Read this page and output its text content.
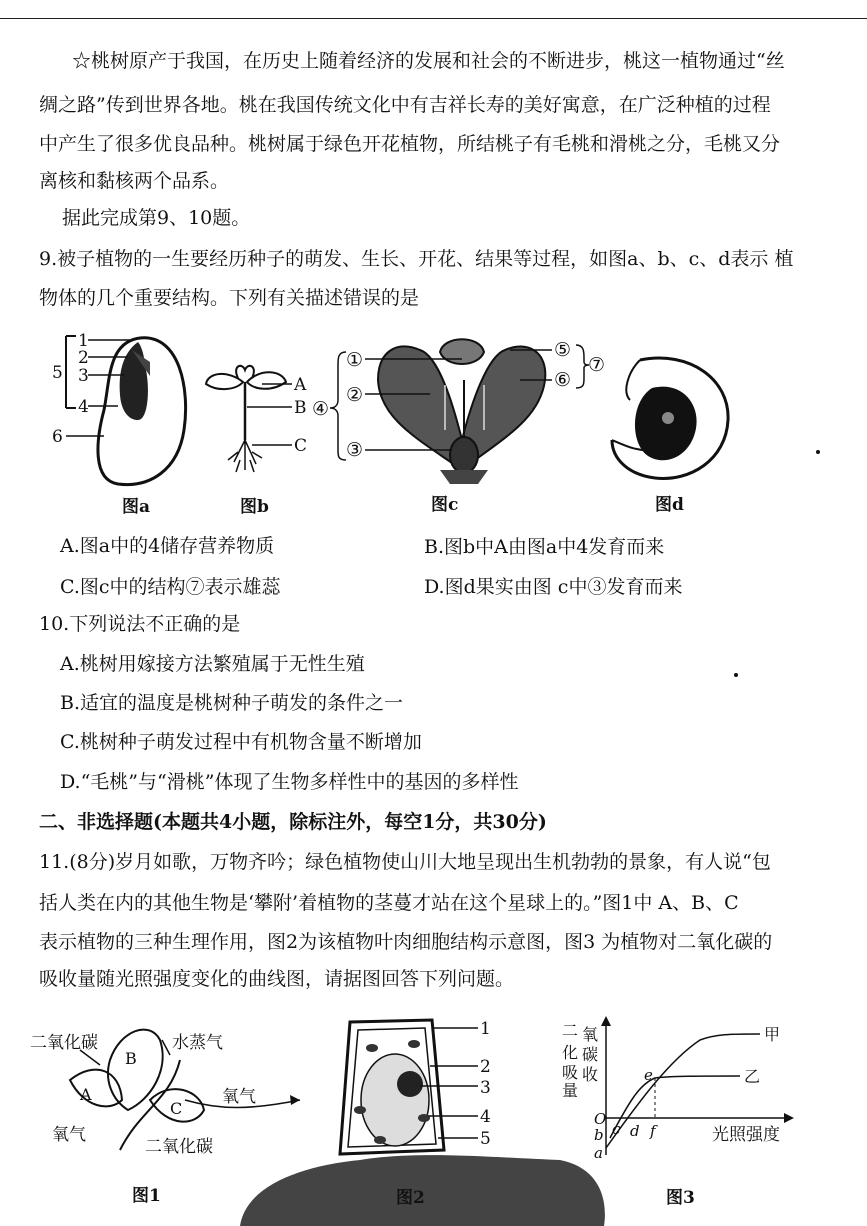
☆桃树原产于我国，在历史上随着经济的发展和社会的不断进步，桃这一植物通过“丝
绸之路”传到世界各地。桃在我国传统文化中有吉祥长寿的美好寓意，在广泛种植的过程
中产生了很多优良品种。桃树属于绿色开花植物，所结桃子有毛桃和滑桃之分，毛桃又分
离核和黏核两个品系。
据此完成第9、10题。
9.被子植物的一生要经历种子的萌发、生长、开花、结果等过程，如图a、b、c、d表示 植
物体的几个重要结构。下列有关描述错误的是
1
2
3
4
5
6
图a
A
B
C
图b
①
②
③
④
⑤
⑥
⑦
图c	图d
A.图a中的4储存营养物质	B.图b中A由图a中4发育而来
C.图c中的结构⑦表示雄蕊	D.图d果实由图 c中③发育而来
10.下列说法不正确的是
A.桃树用嫁接方法繁殖属于无性生殖
B.适宜的温度是桃树种子萌发的条件之一
C.桃树种子萌发过程中有机物含量不断增加
D.“毛桃”与“滑桃”体现了生物多样性中的基因的多样性
二、非选择题(本题共4小题，除标注外，每空1分，共30分)
11.(8分)岁月如歌，万物齐吟；绿色植物使山川大地呈现出生机勃勃的景象，有人说“包
括人类在内的其他生物是‘攀附’着植物的茎蔓才站在这个星球上的。”图1中 A、B、C
表示植物的三种生理作用，图2为该植物叶肉细胞结构示意图，图3 为植物对二氧化碳的
吸收量随光照强度变化的曲线图，请据图回答下列问题。
二氧化碳	水蒸气
氧气
氧气
二氧化碳
A
B
C
图1
1
2
3
4
5
图2
二
化
吸
量
氧
碳
收
光照强度
甲
乙
e
O
b
a
c d f
图3
